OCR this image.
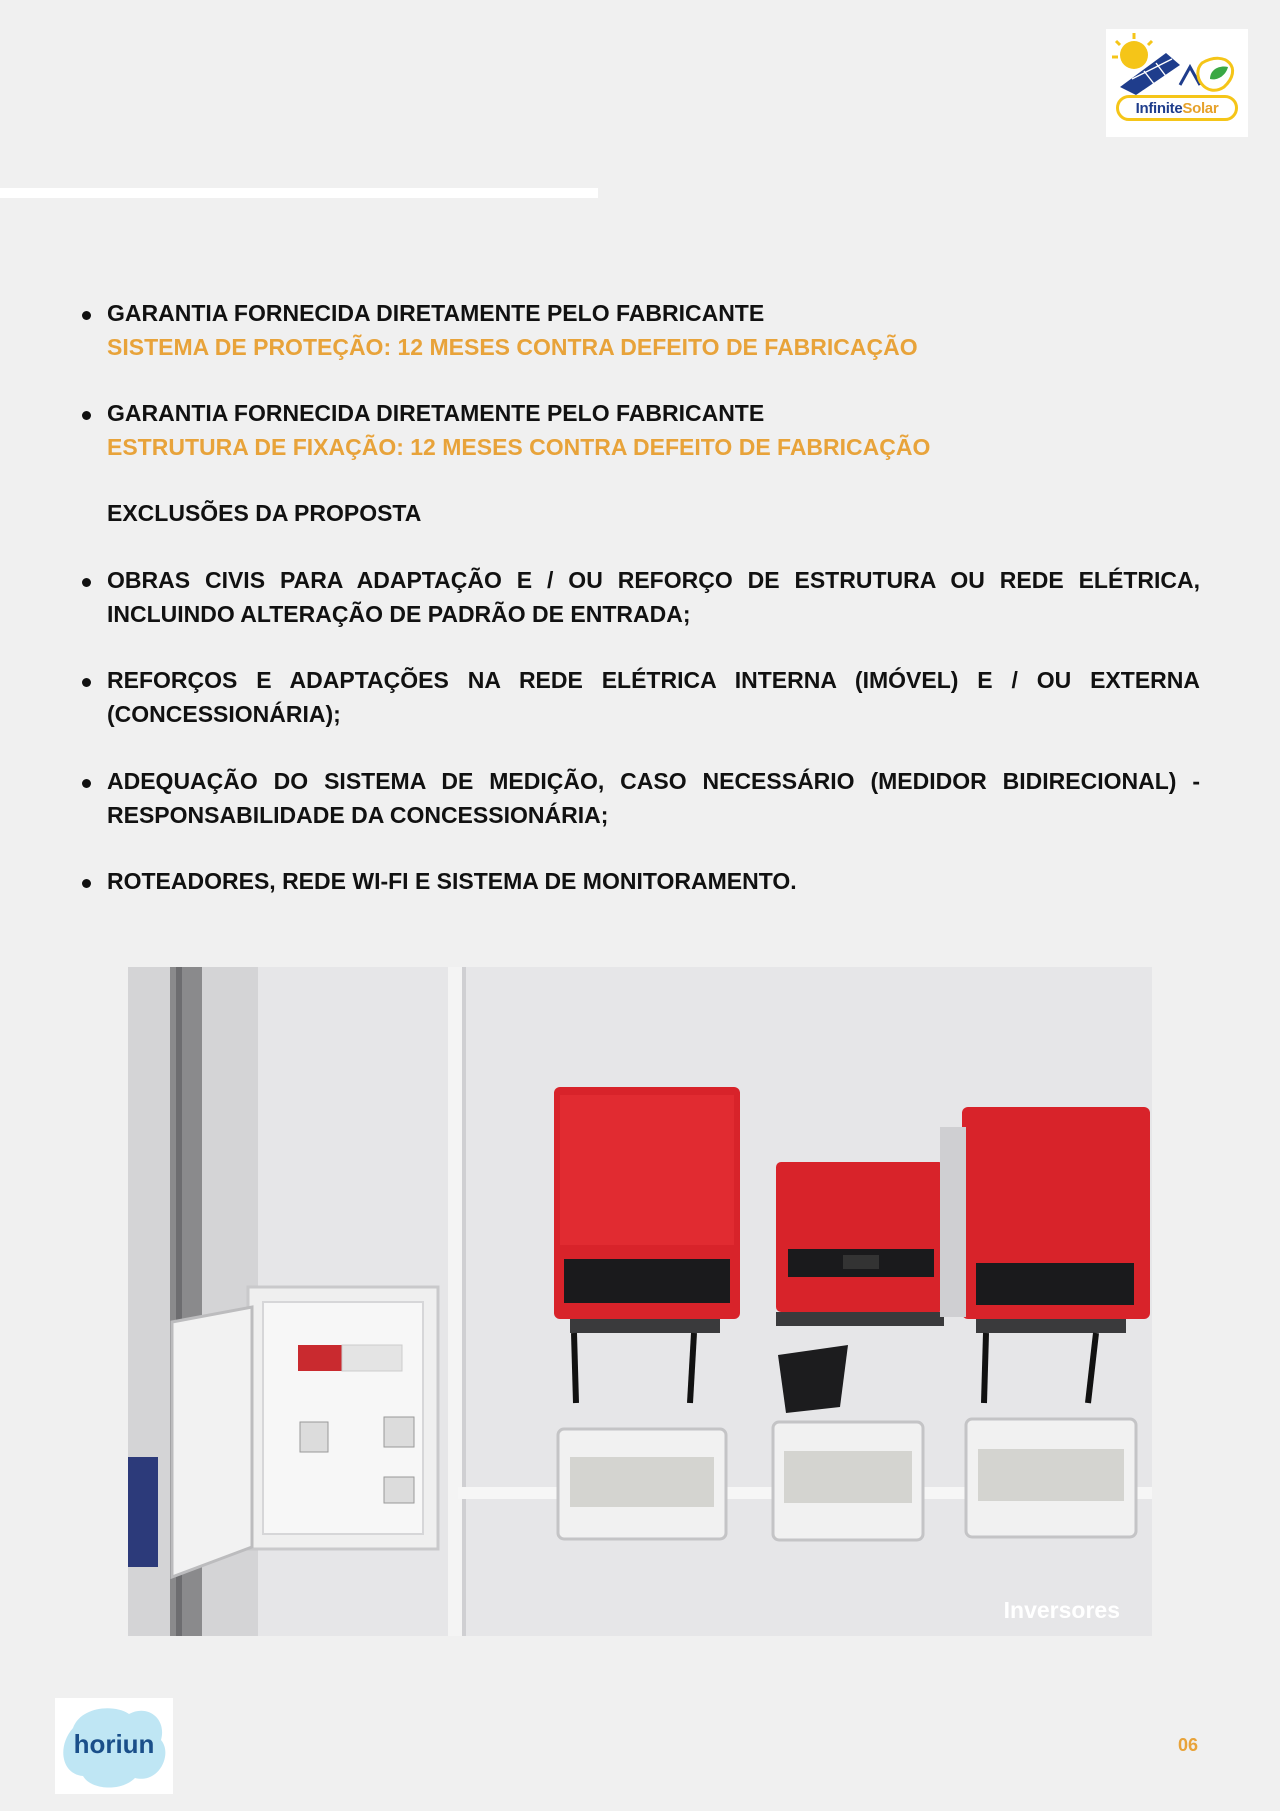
Infinite Solar
GARANTIA FORNECIDA DIRETAMENTE PELO FABRICANTE
SISTEMA DE PROTEÇÃO: 12 MESES CONTRA DEFEITO DE FABRICAÇÃO
GARANTIA FORNECIDA DIRETAMENTE PELO FABRICANTE
ESTRUTURA DE FIXAÇÃO: 12 MESES CONTRA DEFEITO DE FABRICAÇÃO
EXCLUSÕES DA PROPOSTA
OBRAS CIVIS PARA ADAPTAÇÃO E / OU REFORÇO DE ESTRUTURA OU REDE ELÉTRICA, INCLUINDO ALTERAÇÃO DE PADRÃO DE ENTRADA;
REFORÇOS E ADAPTAÇÕES NA REDE ELÉTRICA INTERNA (IMÓVEL) E / OU EXTERNA (CONCESSIONÁRIA);
ADEQUAÇÃO DO SISTEMA DE MEDIÇÃO, CASO NECESSÁRIO (MEDIDOR BIDIRECIONAL) - RESPONSABILIDADE DA CONCESSIONÁRIA;
ROTEADORES, REDE WI-FI E SISTEMA DE MONITORAMENTO.
Inversores
horiun	06
